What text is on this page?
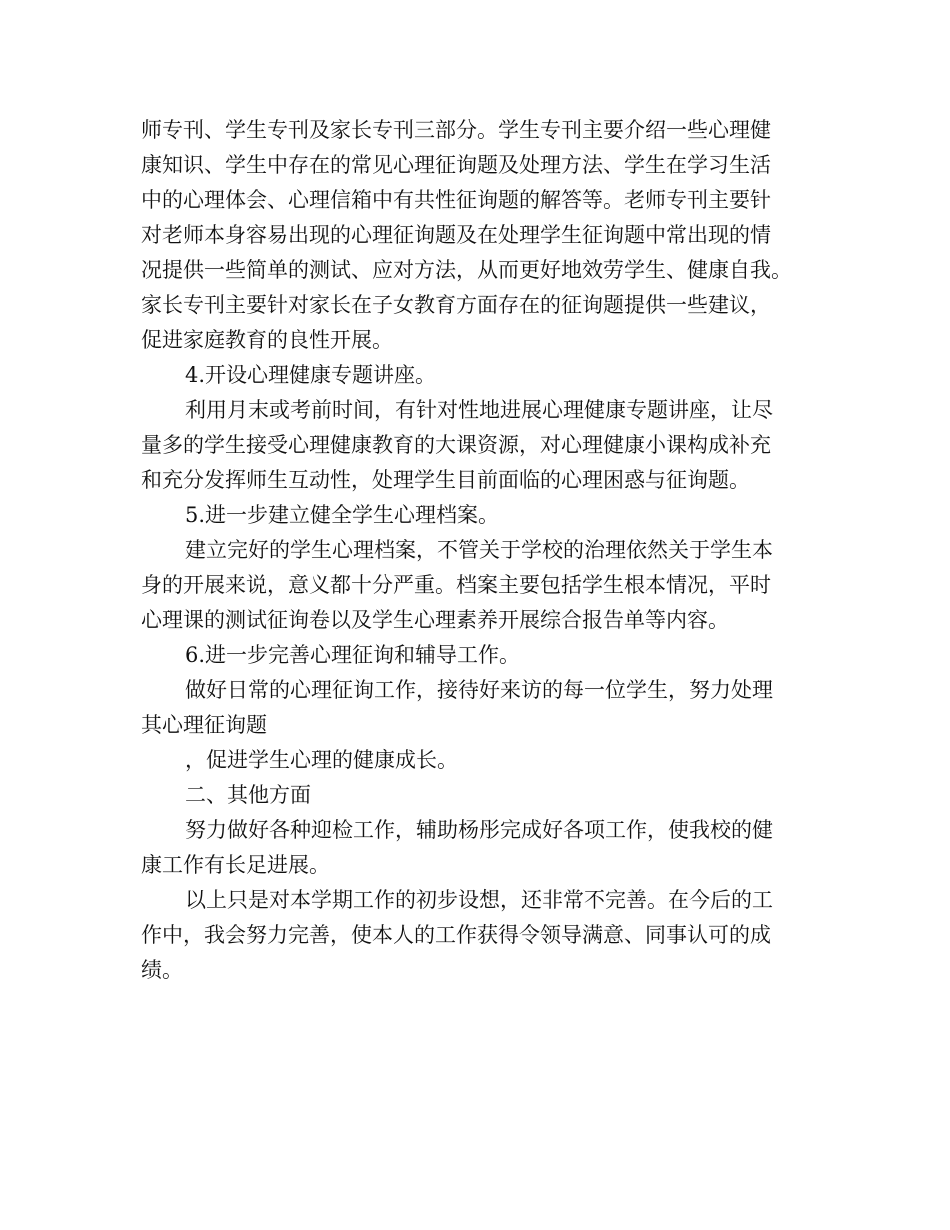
师专刊、学生专刊及家长专刊三部分。学生专刊主要介绍一些心理健

康知识、学生中存在的常见心理征询题及处理方法、学生在学习生活

中的心理体会、心理信箱中有共性征询题的解答等。老师专刊主要针

对老师本身容易出现的心理征询题及在处理学生征询题中常出现的情

况提供一些简单的测试、应对方法，从而更好地效劳学生、健康自我。

家长专刊主要针对家长在子女教育方面存在的征询题提供一些建议，

促进家庭教育的良性开展。

4.开设心理健康专题讲座。

利用月末或考前时间，有针对性地进展心理健康专题讲座，让尽

量多的学生接受心理健康教育的大课资源，对心理健康小课构成补充

和充分发挥师生互动性，处理学生目前面临的心理困惑与征询题。

5.进一步建立健全学生心理档案。

建立完好的学生心理档案，不管关于学校的治理依然关于学生本

身的开展来说，意义都十分严重。档案主要包括学生根本情况，平时

心理课的测试征询卷以及学生心理素养开展综合报告单等内容。

6.进一步完善心理征询和辅导工作。

做好日常的心理征询工作，接待好来访的每一位学生，努力处理

其心理征询题

，促进学生心理的健康成长。

二、其他方面

努力做好各种迎检工作，辅助杨彤完成好各项工作，使我校的健

康工作有长足进展。

以上只是对本学期工作的初步设想，还非常不完善。在今后的工

作中，我会努力完善，使本人的工作获得令领导满意、同事认可的成

绩。
